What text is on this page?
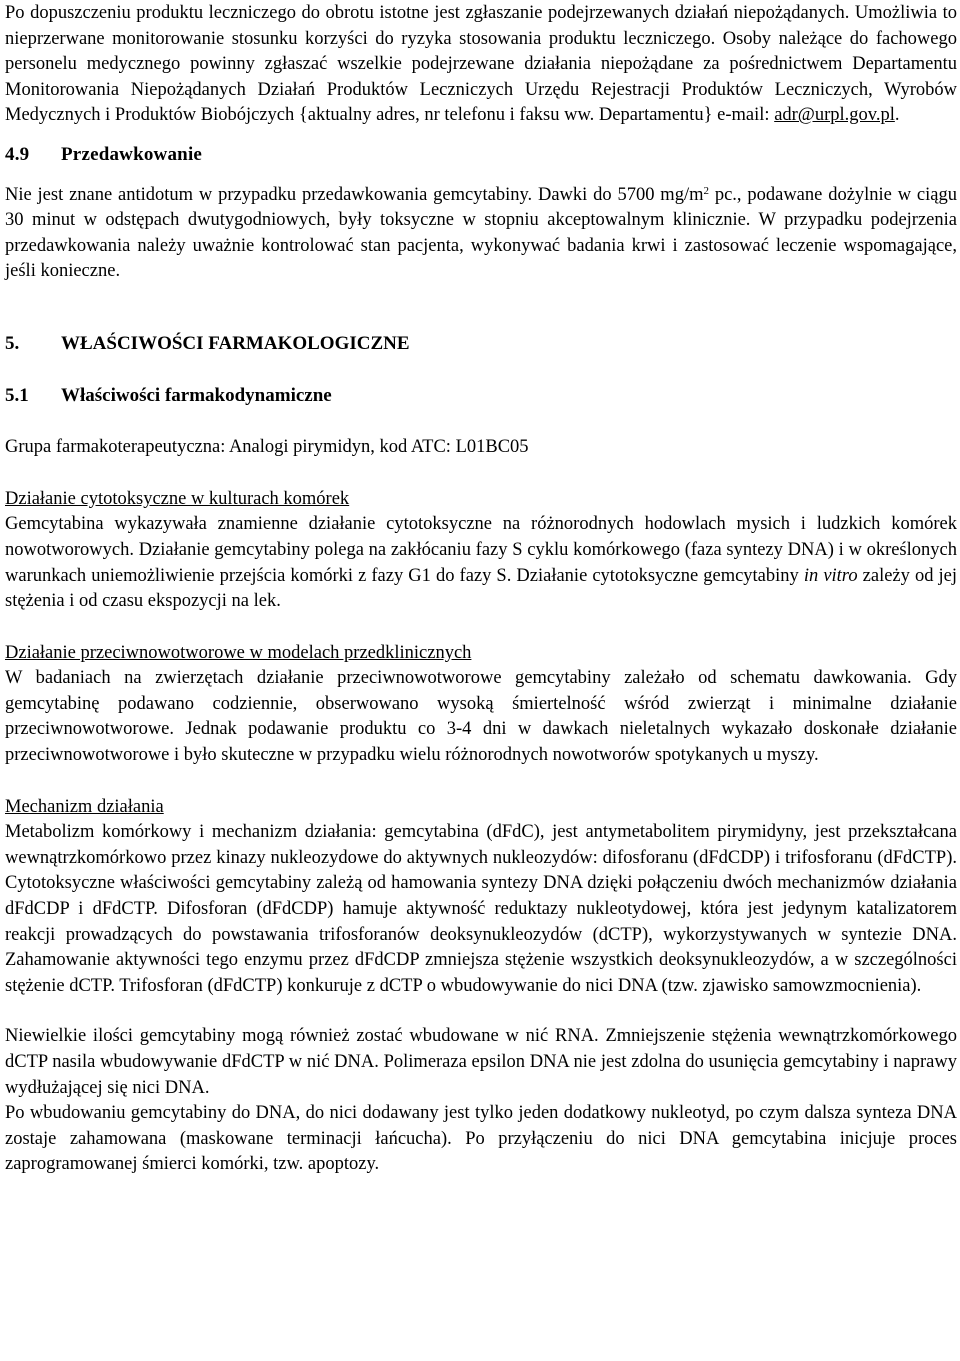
Po dopuszczeniu produktu leczniczego do obrotu istotne jest zgłaszanie podejrzewanych działań niepożądanych. Umożliwia to nieprzerwane monitorowanie stosunku korzyści do ryzyka stosowania produktu leczniczego. Osoby należące do fachowego personelu medycznego powinny zgłaszać wszelkie podejrzewane działania niepożądane za pośrednictwem Departamentu Monitorowania Niepożądanych Działań Produktów Leczniczych Urzędu Rejestracji Produktów Leczniczych, Wyrobów Medycznych i Produktów Biobójczych {aktualny adres, nr telefonu i faksu ww. Departamentu} e-mail: adr@urpl.gov.pl.

4.9 Przedawkowanie

Nie jest znane antidotum w przypadku przedawkowania gemcytabiny. Dawki do 5700 $mg/m^2$ pc., podawane dożylnie w ciągu 30 minut w odstępach dwutygodniowych, były toksyczne w stopniu akceptowalnym klinicznie. W przypadku podejrzenia przedawkowania należy uważnie kontrolować stan pacjenta, wykonywać badania krwi i zastosować leczenie wspomagające, jeśli konieczne.

5. WŁAŚCIWOŚCI FARMAKOLOGICZNE

5.1 Właściwości farmakodynamiczne

Grupa farmakoterapeutyczna: Analogi pirymidyn, kod ATC: L01BC05

Działanie cytotoksyczne w kulturach komórek

Gemcytabina wykazywała znamienne działanie cytotoksyczne na różnorodnych hodowlach mysich i ludzkich komórek nowotworowych. Działanie gemcytabiny polega na zakłócaniu fazy S cyklu komórkowego (faza syntezy DNA) i w określonych warunkach uniemożliwienie przejścia komórki z fazy G1 do fazy S. Działanie cytotoksyczne gemcytabiny in vitro zależy od jej stężenia i od czasu ekspozycji na lek.

Działanie przeciwnowotworowe w modelach przedklinicznych

W badaniach na zwierzętach działanie przeciwnowotworowe gemcytabiny zależało od schematu dawkowania. Gdy gemcytabinę podawano codziennie, obserwowano wysoką śmiertelność wśród zwierząt i minimalne działanie przeciwnowotworowe. Jednak podawanie produktu co 3-4 dni w dawkach nieletalnych wykazało doskonałe działanie przeciwnowotworowe i było skuteczne w przypadku wielu różnorodnych nowotworów spotykanych u myszy.

Mechanizm działania

Metabolizm komórkowy i mechanizm działania: gemcytabina (dFdC), jest antymetabolitem pirymidyny, jest przekształcana wewnątrzkomórkowo przez kinazy nukleozydowe do aktywnych nukleozydów: difosforanu (dFdCDP) i trifosforanu (dFdCTP). Cytotoksyczne właściwości gemcytabiny zależą od hamowania syntezy DNA dzięki połączeniu dwóch mechanizmów działania dFdCDP i dFdCTP. Difosforan (dFdCDP) hamuje aktywność reduktazy nukleotydowej, która jest jedynym katalizatorem reakcji prowadzących do powstawania trifosforanów deoksynukleozydów (dCTP), wykorzystywanych w syntezie DNA. Zahamowanie aktywności tego enzymu przez dFdCDP zmniejsza stężenie wszystkich deoksynukleozydów, a w szczególności stężenie dCTP. Trifosforan (dFdCTP) konkuruje z dCTP o wbudowywanie do nici DNA (tzw. zjawisko samowzmocnienia).

Niewielkie ilości gemcytabiny mogą również zostać wbudowane w nić RNA. Zmniejszenie stężenia wewnątrzkomórkowego dCTP nasila wbudowywanie dFdCTP w nić DNA. Polimeraza epsilon DNA nie jest zdolna do usunięcia gemcytabiny i naprawy wydłużającej się nici DNA.

Po wbudowaniu gemcytabiny do DNA, do nici dodawany jest tylko jeden dodatkowy nukleotyd, po czym dalsza synteza DNA zostaje zahamowana (maskowane terminacji łańcucha). Po przyłączeniu do nici DNA gemcytabina inicjuje proces zaprogramowanej śmierci komórki, tzw. apoptozy.
